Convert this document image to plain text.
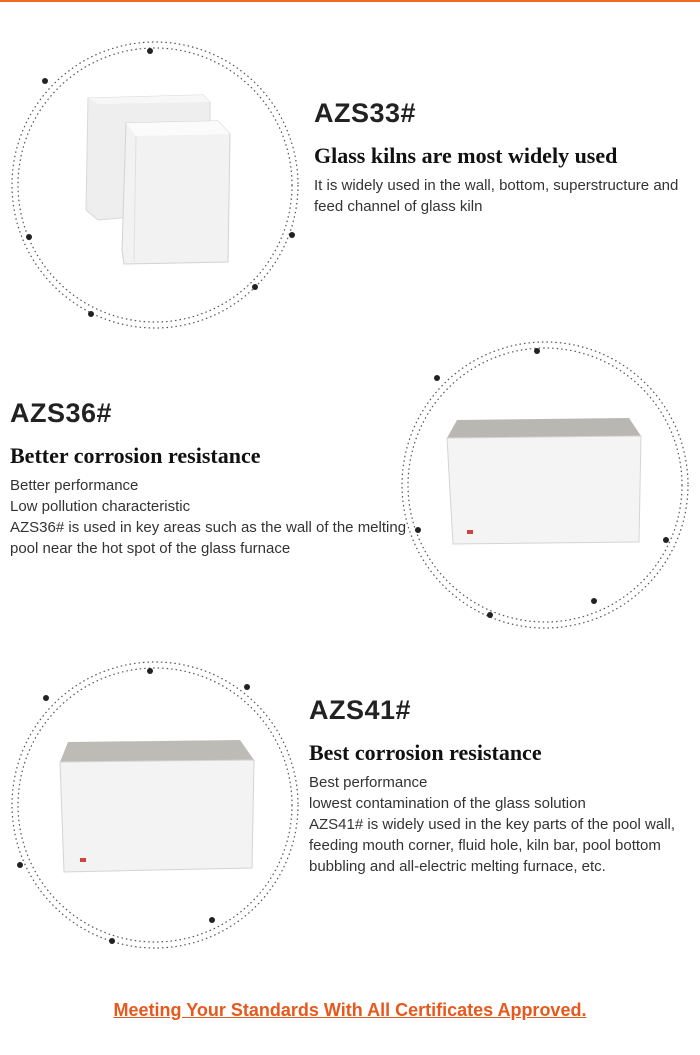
AZS33#
Glass kilns are most widely used

It is widely used in the wall, bottom, superstructure and feed channel of glass kiln

AZS36#
Better corrosion resistance

Better performance

Low pollution characteristic

AZS36# is used in key areas such as the wall of the melting pool near the hot spot of the glass furnace

AZS41#
Best corrosion resistance

Best performance

lowest contamination of the glass solution

AZS41# is widely used in the key parts of the pool wall, feeding mouth corner, fluid hole, kiln bar, pool bottom bubbling and all-electric melting furnace, etc.

Meeting Your Standards With All Certificates Approved.
